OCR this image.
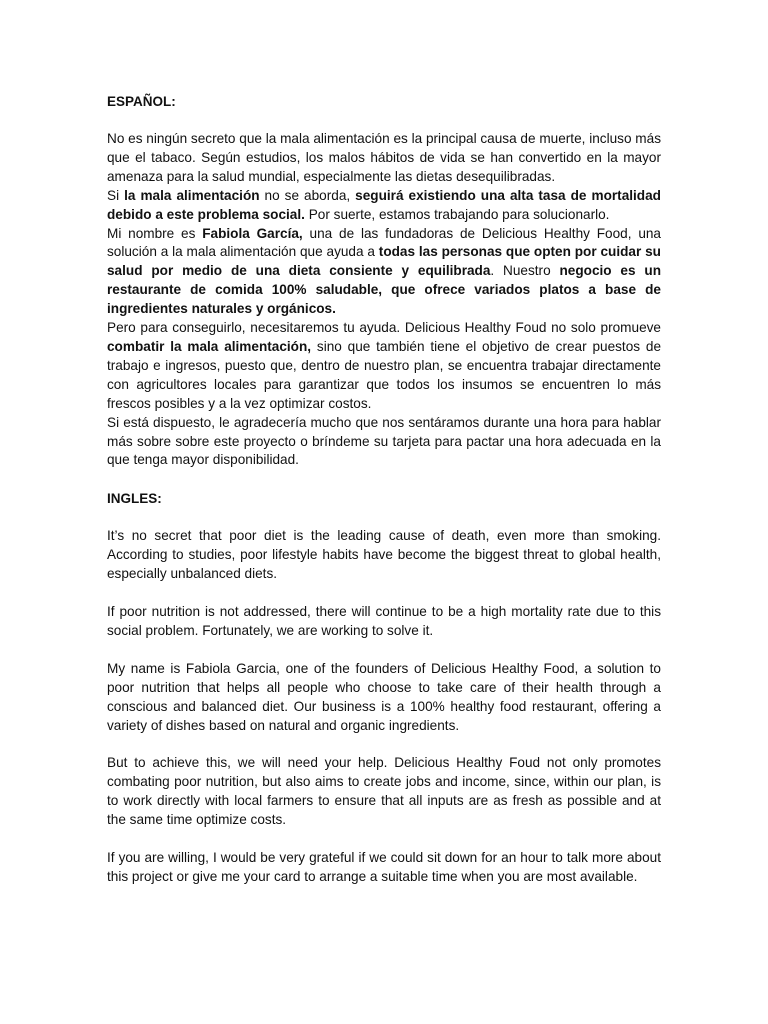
ESPAÑOL:

No es ningún secreto que la mala alimentación es la principal causa de muerte, incluso más que el tabaco. Según estudios, los malos hábitos de vida se han convertido en la mayor amenaza para la salud mundial, especialmente las dietas desequilibradas.

Si la mala alimentación no se aborda, seguirá existiendo una alta tasa de mortalidad debido a este problema social. Por suerte, estamos trabajando para solucionarlo.

Mi nombre es Fabiola García, una de las fundadoras de Delicious Healthy Food, una solución a la mala alimentación que ayuda a todas las personas que opten por cuidar su salud por medio de una dieta consiente y equilibrada. Nuestro negocio es un restaurante de comida 100% saludable, que ofrece variados platos a base de ingredientes naturales y orgánicos.

Pero para conseguirlo, necesitaremos tu ayuda. Delicious Healthy Foud no solo promueve combatir la mala alimentación, sino que también tiene el objetivo de crear puestos de trabajo e ingresos, puesto que, dentro de nuestro plan, se encuentra trabajar directamente con agricultores locales para garantizar que todos los insumos se encuentren lo más frescos posibles y a la vez optimizar costos.

Si está dispuesto, le agradecería mucho que nos sentáramos durante una hora para hablar más sobre sobre este proyecto o bríndeme su tarjeta para pactar una hora adecuada en la que tenga mayor disponibilidad.

INGLES:

It’s no secret that poor diet is the leading cause of death, even more than smoking. According to studies, poor lifestyle habits have become the biggest threat to global health, especially unbalanced diets.

If poor nutrition is not addressed, there will continue to be a high mortality rate due to this social problem. Fortunately, we are working to solve it.

My name is Fabiola Garcia, one of the founders of Delicious Healthy Food, a solution to poor nutrition that helps all people who choose to take care of their health through a conscious and balanced diet. Our business is a 100% healthy food restaurant, offering a variety of dishes based on natural and organic ingredients.

But to achieve this, we will need your help. Delicious Healthy Foud not only promotes combating poor nutrition, but also aims to create jobs and income, since, within our plan, is to work directly with local farmers to ensure that all inputs are as fresh as possible and at the same time optimize costs.

If you are willing, I would be very grateful if we could sit down for an hour to talk more about this project or give me your card to arrange a suitable time when you are most available.
